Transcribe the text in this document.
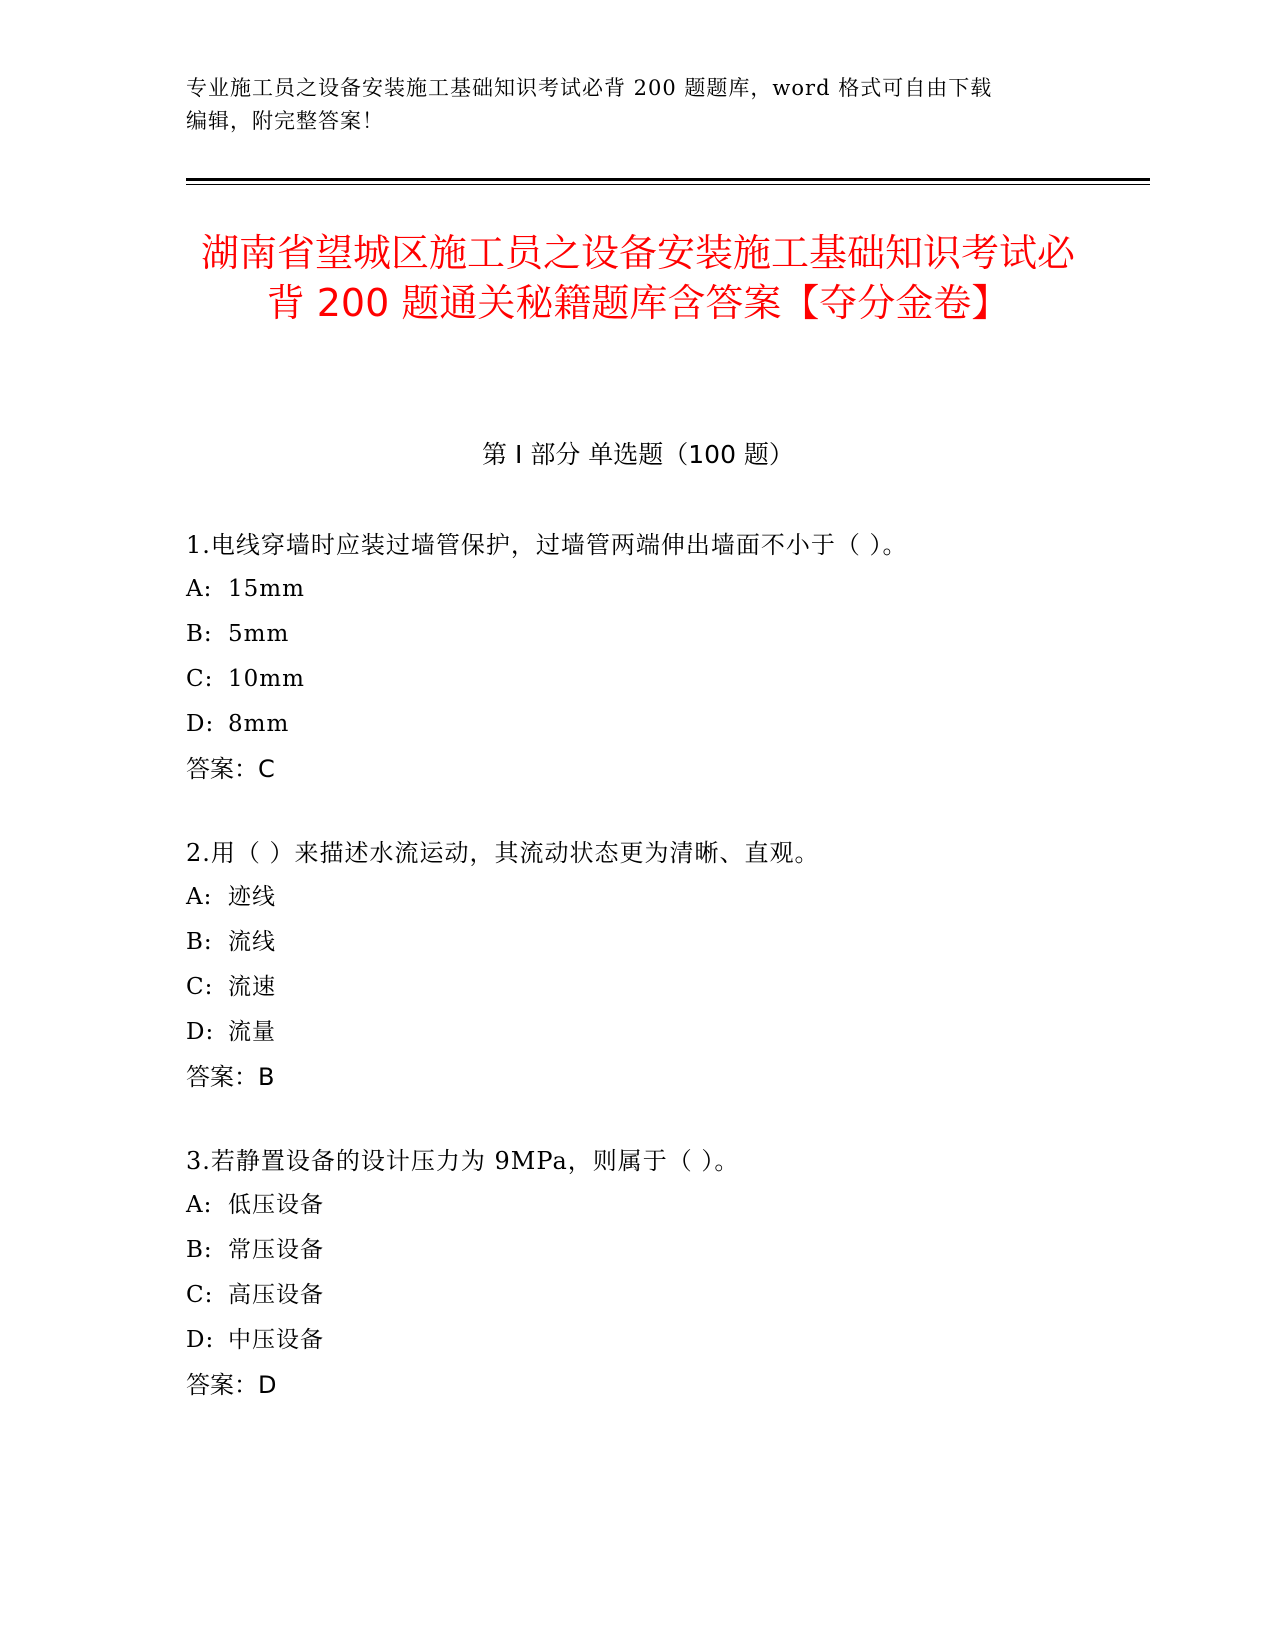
专业施工员之设备安装施工基础知识考试必背 200 题题库，word 格式可自由下载
编辑，附完整答案！
湖南省望城区施工员之设备安装施工基础知识考试必背 200 题通关秘籍题库含答案【夺分金卷】
第 I 部分 单选题（100 题）
1.电线穿墙时应装过墙管保护，过墙管两端伸出墙面不小于（ ）。
A: 15mm
B: 5mm
C: 10mm
D: 8mm
答案：C
2.用（ ）来描述水流运动，其流动状态更为清晰、直观。
A: 迹线
B: 流线
C: 流速
D: 流量
答案：B
3.若静置设备的设计压力为 9MPa，则属于（ ）。
A: 低压设备
B: 常压设备
C: 高压设备
D: 中压设备
答案：D
